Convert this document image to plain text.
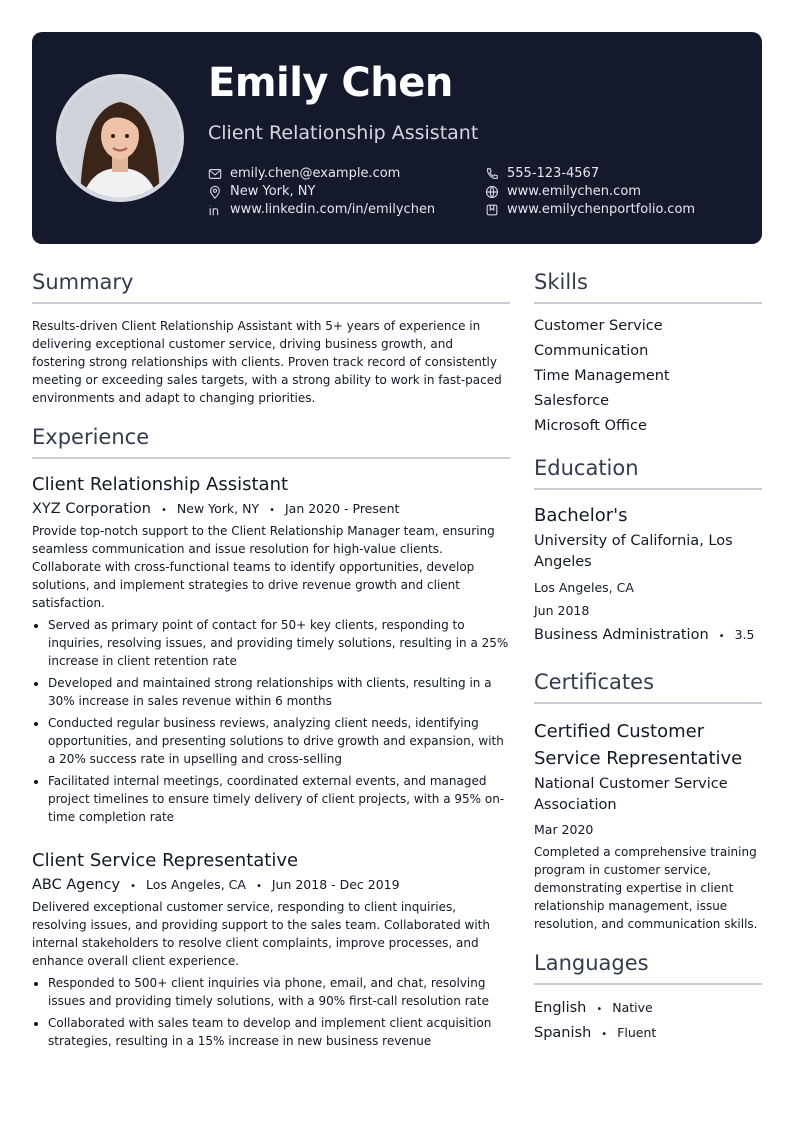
Emily Chen
Client Relationship Assistant
emily.chen@example.com	555-123-4567
New York, NY	www.emilychen.com
www.linkedin.com/in/emilychen	www.emilychenportfolio.com
Summary
Results-driven Client Relationship Assistant with 5+ years of experience in delivering exceptional customer service, driving business growth, and fostering strong relationships with clients. Proven track record of consistently meeting or exceeding sales targets, with a strong ability to work in fast-paced environments and adapt to changing priorities.
Experience
Client Relationship Assistant
XYZ Corporation • New York, NY • Jan 2020 - Present
Provide top-notch support to the Client Relationship Manager team, ensuring seamless communication and issue resolution for high-value clients. Collaborate with cross-functional teams to identify opportunities, develop solutions, and implement strategies to drive revenue growth and client satisfaction.
Served as primary point of contact for 50+ key clients, responding to inquiries, resolving issues, and providing timely solutions, resulting in a 25% increase in client retention rate
Developed and maintained strong relationships with clients, resulting in a 30% increase in sales revenue within 6 months
Conducted regular business reviews, analyzing client needs, identifying opportunities, and presenting solutions to drive growth and expansion, with a 20% success rate in upselling and cross-selling
Facilitated internal meetings, coordinated external events, and managed project timelines to ensure timely delivery of client projects, with a 95% on-time completion rate
Client Service Representative
ABC Agency • Los Angeles, CA • Jun 2018 - Dec 2019
Delivered exceptional customer service, responding to client inquiries, resolving issues, and providing support to the sales team. Collaborated with internal stakeholders to resolve client complaints, improve processes, and enhance overall client experience.
Responded to 500+ client inquiries via phone, email, and chat, resolving issues and providing timely solutions, with a 90% first-call resolution rate
Collaborated with sales team to develop and implement client acquisition strategies, resulting in a 15% increase in new business revenue
Skills
Customer Service
Communication
Time Management
Salesforce
Microsoft Office
Education
Bachelor's
University of California, Los Angeles
Los Angeles, CA
Jun 2018
Business Administration • 3.5
Certificates
Certified Customer Service Representative
National Customer Service Association
Mar 2020
Completed a comprehensive training program in customer service, demonstrating expertise in client relationship management, issue resolution, and communication skills.
Languages
English • Native
Spanish • Fluent
